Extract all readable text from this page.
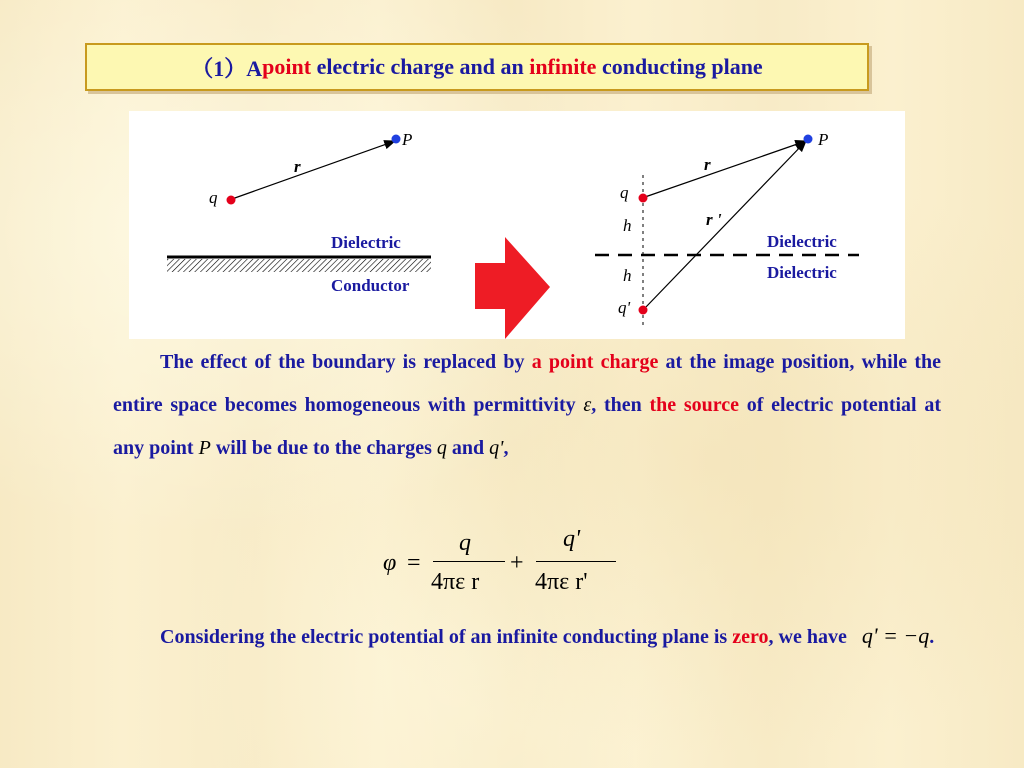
（1）A point electric charge and an infinite conducting plane
q
P
r
Dielectric
Conductor
q
q'
P
r
r '
h
h
Dielectric
Dielectric
The effect of the boundary is replaced by a point charge at the image position, while the entire space becomes homogeneous with permittivity ε, then the source of electric potential at any point P will be due to the charges q and q',
φ =
q
4πε r
+
q'
4πε r'
Considering the electric potential of an infinite conducting plane is zero, we have q' = −q.
